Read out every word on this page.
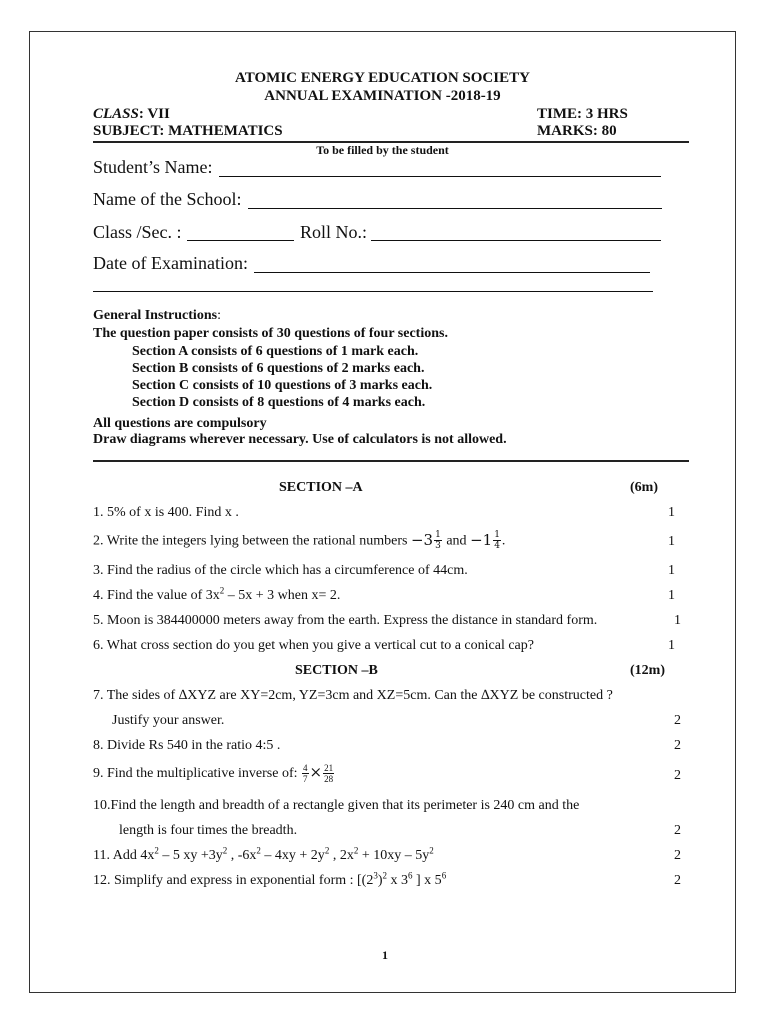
ATOMIC ENERGY EDUCATION SOCIETY
ANNUAL EXAMINATION -2018-19
CLASS: VII	TIME: 3 HRS
SUBJECT: MATHEMATICS	MARKS: 80
To be filled by the student
Student’s Name:
Name of the School:
Class /Sec. :	Roll No.:
Date of Examination:
General Instructions:
The question paper consists of 30 questions of four sections.
Section A consists of 6 questions of 1 mark each.
Section B consists of 6 questions of 2 marks each.
Section C consists of 10 questions of 3 marks each.
Section D consists of 8 questions of 4 marks each.
All questions are compulsory
Draw diagrams wherever necessary. Use of calculators is not allowed.
SECTION –A	(6m)
1. 5% of x is 400. Find x .	1
2. Write the integers lying between the rational numbers $-3 \frac{1}{3}$ and $-1 \frac{1}{4}$ .	1
3. Find the radius of the circle which has a circumference of 44cm.	1
4. Find the value of $3x^2 - 5x + 3$ when x= 2.	1
5. Moon is 384400000 meters away from the earth. Express the distance in standard form.	1
6. What cross section do you get when you give a vertical cut to a conical cap?	1
SECTION –B	(12m)
7. The sides of ∆XYZ are XY=2cm, YZ=3cm and XZ=5cm. Can the ∆XYZ be constructed ?
Justify your answer.	2
8. Divide Rs 540 in the ratio 4:5 .	2
9. Find the multiplicative inverse of: $\frac{4}{7} \times \frac{21}{28}$	2
10.Find the length and breadth of a rectangle given that its perimeter is 240 cm and the
length is four times the breadth.	2
11. Add $4x^2 - 5$ xy $+3y^2$ , $-6x^2 - 4xy + 2y^2$ , $2x^2 + 10xy - 5y^2$	2
12. Simplify and express in exponential form : [$(2^3)^2$ x $3^6$ ] x $5^6$	2
1
